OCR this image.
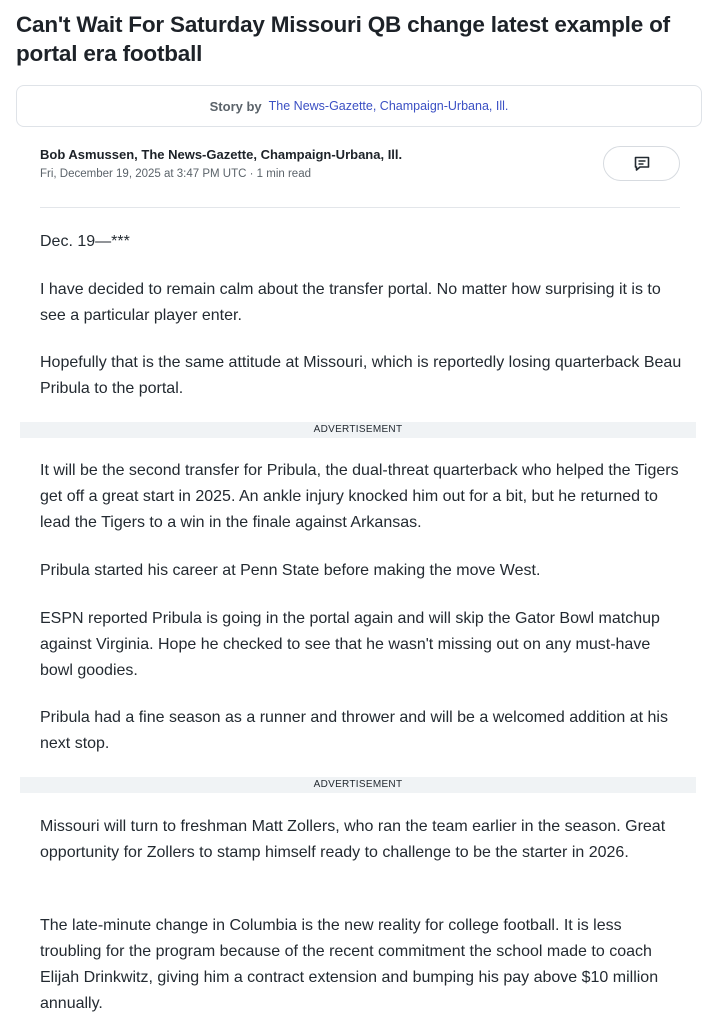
Can't Wait For Saturday Missouri QB change latest example of portal era football
Story by The News-Gazette, Champaign-Urbana, Ill.
Bob Asmussen, The News-Gazette, Champaign-Urbana, Ill.
Fri, December 19, 2025 at 3:47 PM UTC · 1 min read

Dec. 19—***

I have decided to remain calm about the transfer portal. No matter how surprising it is to see a particular player enter.

Hopefully that is the same attitude at Missouri, which is reportedly losing quarterback Beau Pribula to the portal.

ADVERTISEMENT

It will be the second transfer for Pribula, the dual-threat quarterback who helped the Tigers get off a great start in 2025. An ankle injury knocked him out for a bit, but he returned to lead the Tigers to a win in the finale against Arkansas.

Pribula started his career at Penn State before making the move West.

ESPN reported Pribula is going in the portal again and will skip the Gator Bowl matchup against Virginia. Hope he checked to see that he wasn't missing out on any must-have bowl goodies.

Pribula had a fine season as a runner and thrower and will be a welcomed addition at his next stop.

ADVERTISEMENT

Missouri will turn to freshman Matt Zollers, who ran the team earlier in the season. Great opportunity for Zollers to stamp himself ready to challenge to be the starter in 2026.

The late-minute change in Columbia is the new reality for college football. It is less troubling for the program because of the recent commitment the school made to coach Elijah Drinkwitz, giving him a contract extension and bumping his pay above $10 million annually.
